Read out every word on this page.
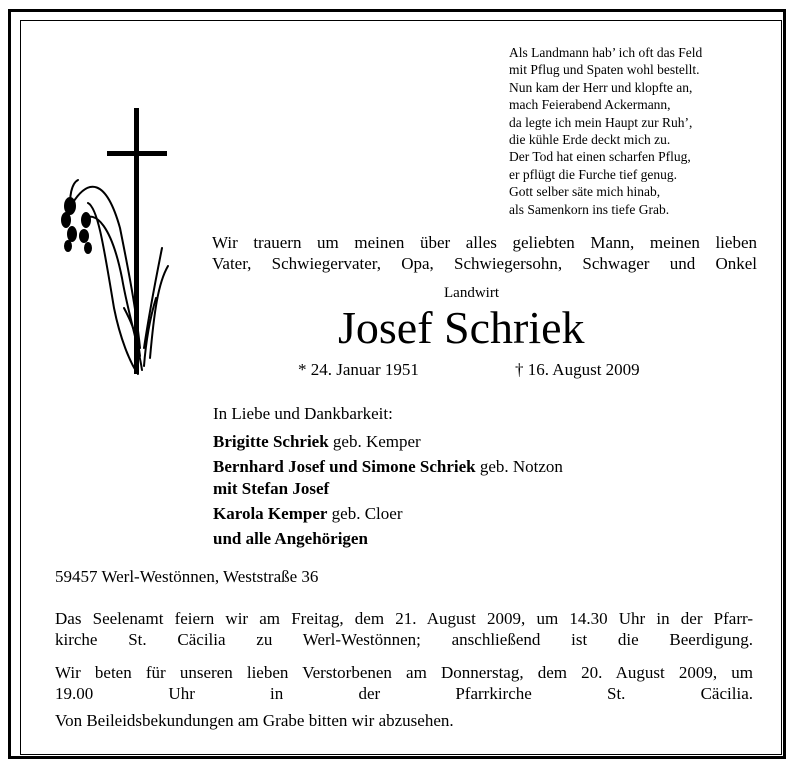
Als Landmann hab’ ich oft das Feld
mit Pflug und Spaten wohl bestellt.
Nun kam der Herr und klopfte an,
mach Feierabend Ackermann,
da legte ich mein Haupt zur Ruh’,
die kühle Erde deckt mich zu.
Der Tod hat einen scharfen Pflug,
er pflügt die Furche tief genug.
Gott selber säte mich hinab,
als Samenkorn ins tiefe Grab.
Wir trauern um meinen über alles geliebten Mann, meinen lieben
Vater, Schwiegervater, Opa, Schwiegersohn, Schwager und Onkel
Landwirt
Josef Schriek
* 24. Januar 1951	† 16. August 2009
In Liebe und Dankbarkeit:
Brigitte Schriek geb. Kemper
Bernhard Josef und Simone Schriek geb. Notzon
mit Stefan Josef
Karola Kemper geb. Cloer
und alle Angehörigen
59457 Werl-Westönnen, Weststraße 36
Das Seelenamt feiern wir am Freitag, dem 21. August 2009, um 14.30 Uhr in der Pfarr-
kirche St. Cäcilia zu Werl-Westönnen; anschließend ist die Beerdigung.
Wir beten für unseren lieben Verstorbenen am Donnerstag, dem 20. August 2009, um
19.00 Uhr in der Pfarrkirche St. Cäcilia.
Von Beileidsbekundungen am Grabe bitten wir abzusehen.
